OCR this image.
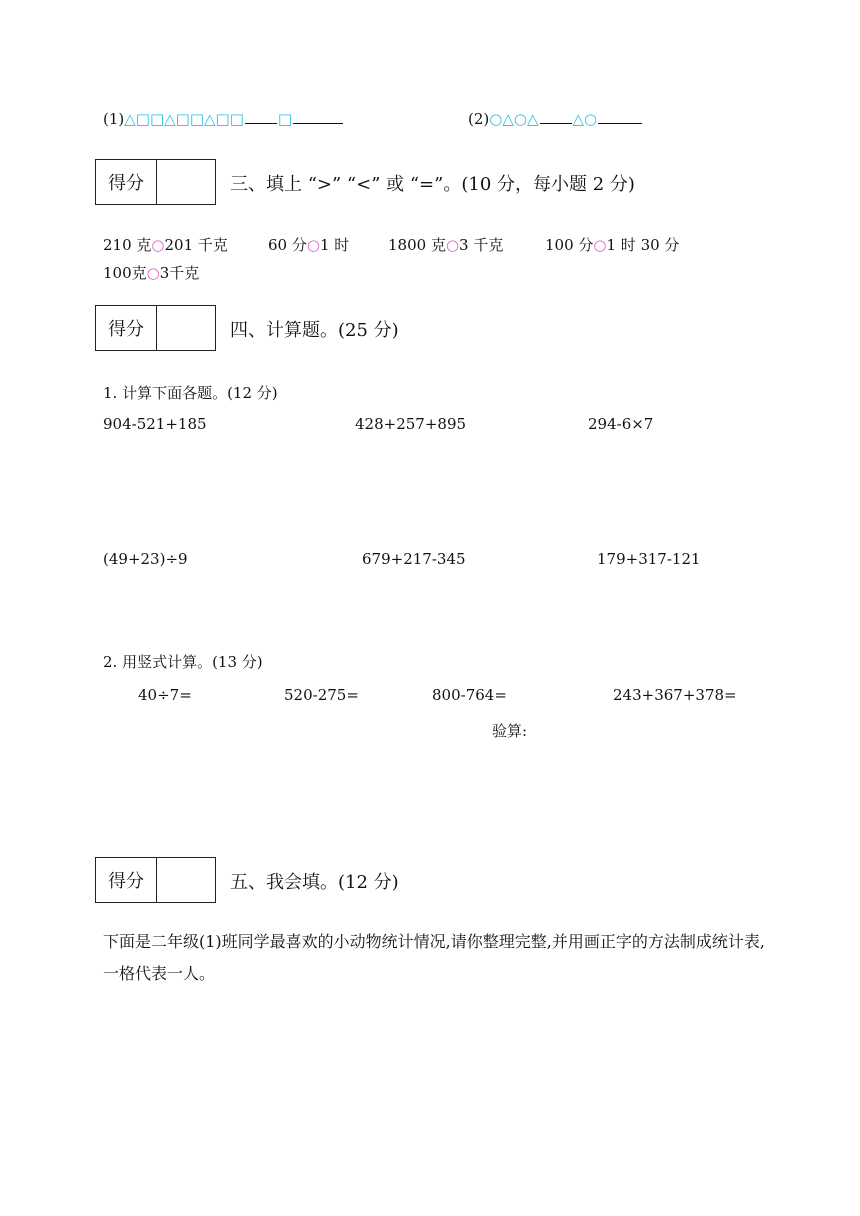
(1)△□□△□□△□□ □	(2)○△○△ △○
得分	三、填上 “>” “<” 或 “=”。(10 分，每小题 2 分)
210 克○201 千克	60 分○1 时	1800 克○3 千克	100 分○1 时 30 分
100克○3千克
得分	四、计算题。(25 分)
1. 计算下面各题。(12 分)
904-521+185	428+257+895	294-6×7
(49+23)÷9	679+217-345	179+317-121
2. 用竖式计算。(13 分)
40÷7=	520-275=	800-764=	243+367+378=
验算:
得分	五、我会填。(12 分)
下面是二年级(1)班同学最喜欢的小动物统计情况,请你整理完整,并用画正字的方法制成统计表,一格代表一人。
